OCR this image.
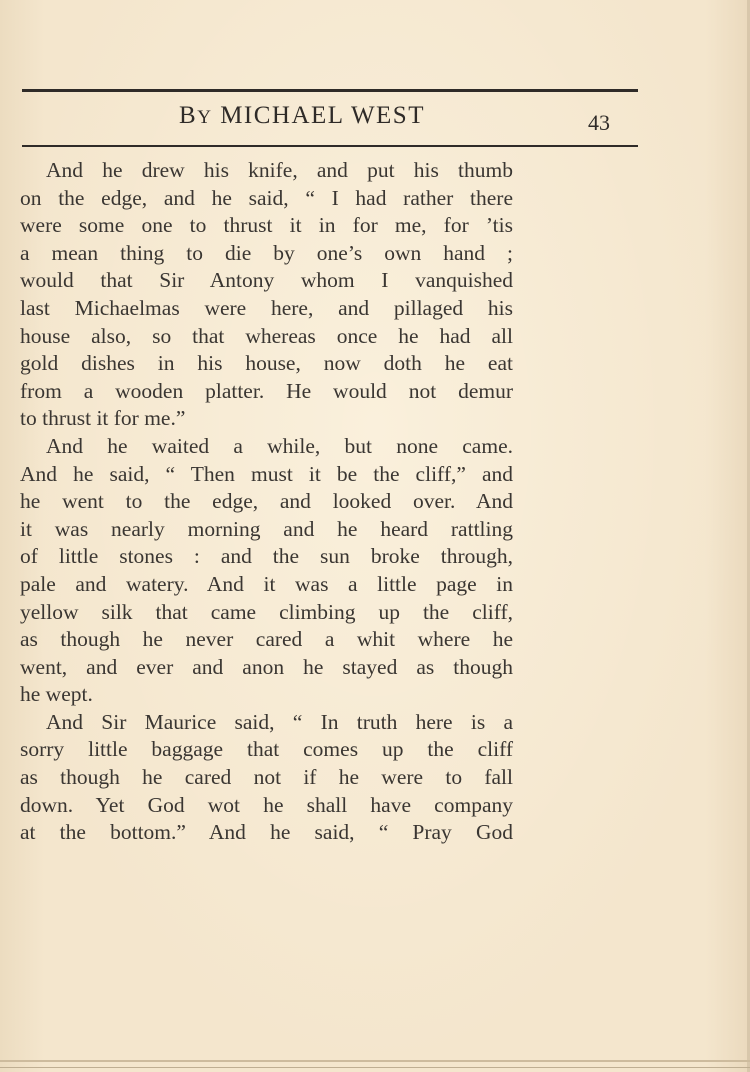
BY MICHAEL WEST	43
And he drew his knife, and put his thumb
on the edge, and he said, “ I had rather there
were some one to thrust it in for me, for ’tis
a mean thing to die by one’s own hand ;
would that Sir Antony whom I vanquished
last Michaelmas were here, and pillaged his
house also, so that whereas once he had all
gold dishes in his house, now doth he eat
from a wooden platter. He would not demur
to thrust it for me.”
And he waited a while, but none came.
And he said, “ Then must it be the cliff,” and
he went to the edge, and looked over. And
it was nearly morning and he heard rattling
of little stones : and the sun broke through,
pale and watery. And it was a little page in
yellow silk that came climbing up the cliff,
as though he never cared a whit where he
went, and ever and anon he stayed as though
he wept.
And Sir Maurice said, “ In truth here is a
sorry little baggage that comes up the cliff
as though he cared not if he were to fall
down. Yet God wot he shall have company
at the bottom.” And he said, “ Pray God
